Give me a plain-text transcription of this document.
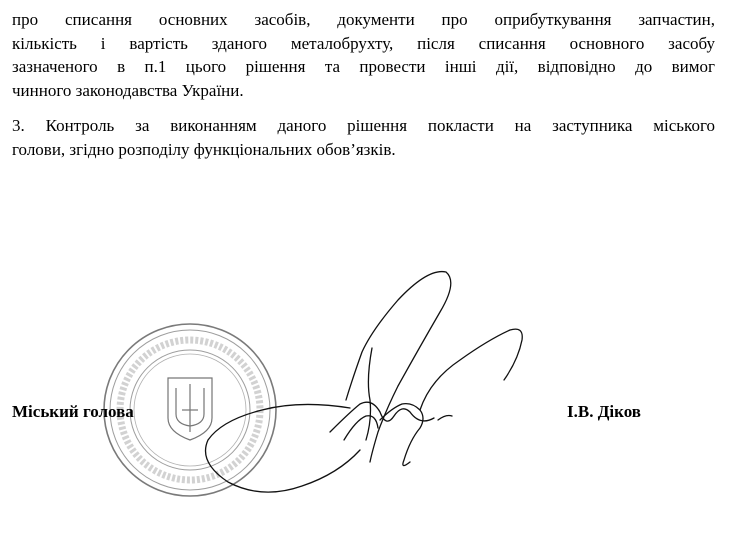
про списання основних засобів, документи про оприбуткування запчастин,
кількість і вартість зданого металобрухту, після списання основного засобу
зазначеного в п.1 цього рішення та провести інші дії, відповідно до вимог
чинного законодавства України.
3. Контроль за виконанням даного рішення покласти на заступника міського
голови, згідно розподілу функціональних обов’язків.
Міський голова	І.В. Діков
